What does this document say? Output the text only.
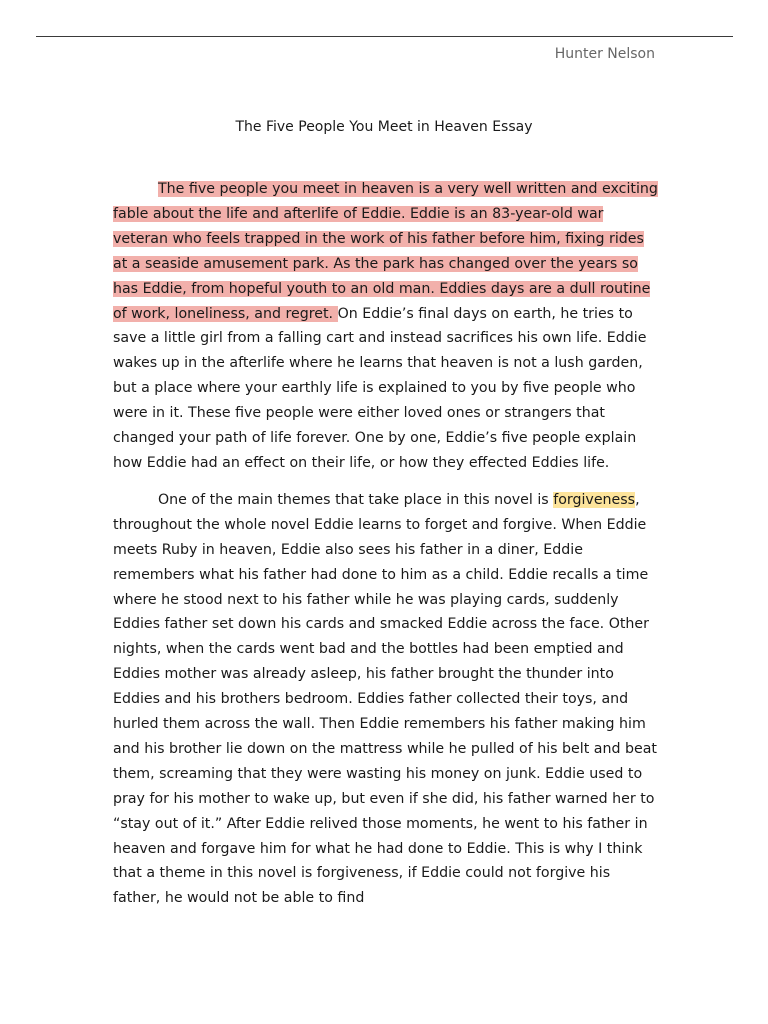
Hunter Nelson
The Five People You Meet in Heaven Essay

The five people you meet in heaven is a very well written and exciting fable about the life and afterlife of Eddie. Eddie is an 83-year-old war veteran who feels trapped in the work of his father before him, fixing rides at a seaside amusement park. As the park has changed over the years so has Eddie, from hopeful youth to an old man. Eddies days are a dull routine of work, loneliness, and regret. On Eddie’s final days on earth, he tries to save a little girl from a falling cart and instead sacrifices his own life. Eddie wakes up in the afterlife where he learns that heaven is not a lush garden, but a place where your earthly life is explained to you by five people who were in it. These five people were either loved ones or strangers that changed your path of life forever. One by one, Eddie’s five people explain how Eddie had an effect on their life, or how they effected Eddies life.

One of the main themes that take place in this novel is forgiveness, throughout the whole novel Eddie learns to forget and forgive. When Eddie meets Ruby in heaven, Eddie also sees his father in a diner, Eddie remembers what his father had done to him as a child. Eddie recalls a time where he stood next to his father while he was playing cards, suddenly Eddies father set down his cards and smacked Eddie across the face. Other nights, when the cards went bad and the bottles had been emptied and Eddies mother was already asleep, his father brought the thunder into Eddies and his brothers bedroom. Eddies father collected their toys, and hurled them across the wall. Then Eddie remembers his father making him and his brother lie down on the mattress while he pulled of his belt and beat them, screaming that they were wasting his money on junk. Eddie used to pray for his mother to wake up, but even if she did, his father warned her to “stay out of it.” After Eddie relived those moments, he went to his father in heaven and forgave him for what he had done to Eddie. This is why I think that a theme in this novel is forgiveness, if Eddie could not forgive his father, he would not be able to find
